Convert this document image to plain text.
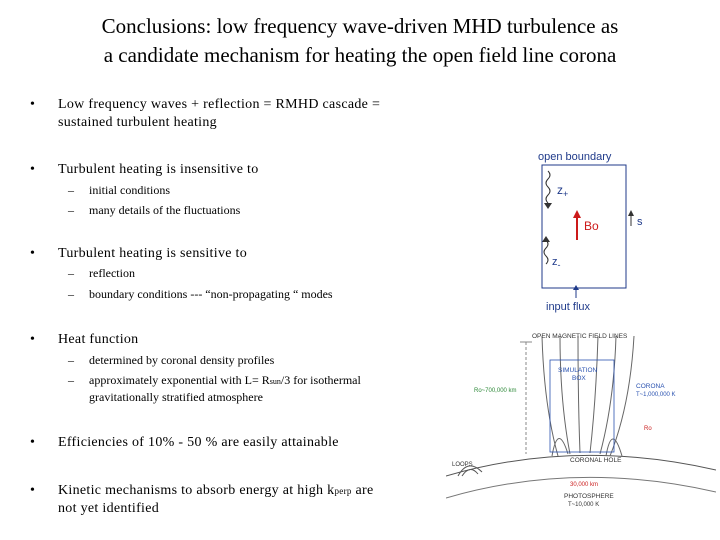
Conclusions: low frequency wave-driven MHD turbulence as
a candidate mechanism for heating the open field line corona
• Low frequency waves + reflection = RMHD cascade =
sustained turbulent heating
• Turbulent heating is insensitive to
– initial conditions
– many details of the fluctuations
• Turbulent heating is sensitive to
– reflection
– boundary conditions --- “non-propagating “ modes
• Heat function
– determined by coronal density profiles
– approximately exponential with L= Rsun/3 for isothermal
gravitationally stratified atmosphere
• Efficiencies of 10% - 50 % are easily attainable
• Kinetic mechanisms to absorb energy at high kperp are
not yet identified
open boundary
$z_+$
Bo	s
$z_-$
input flux
OPEN MAGNETIC FIELD LINES
SIMULATION
BOX
CORONA
T~1,000,000 K
Ro~700,000 km
Ro
CORONAL HOLE
LOOPS
30,000 km
PHOTOSPHERE
T~10,000 K
